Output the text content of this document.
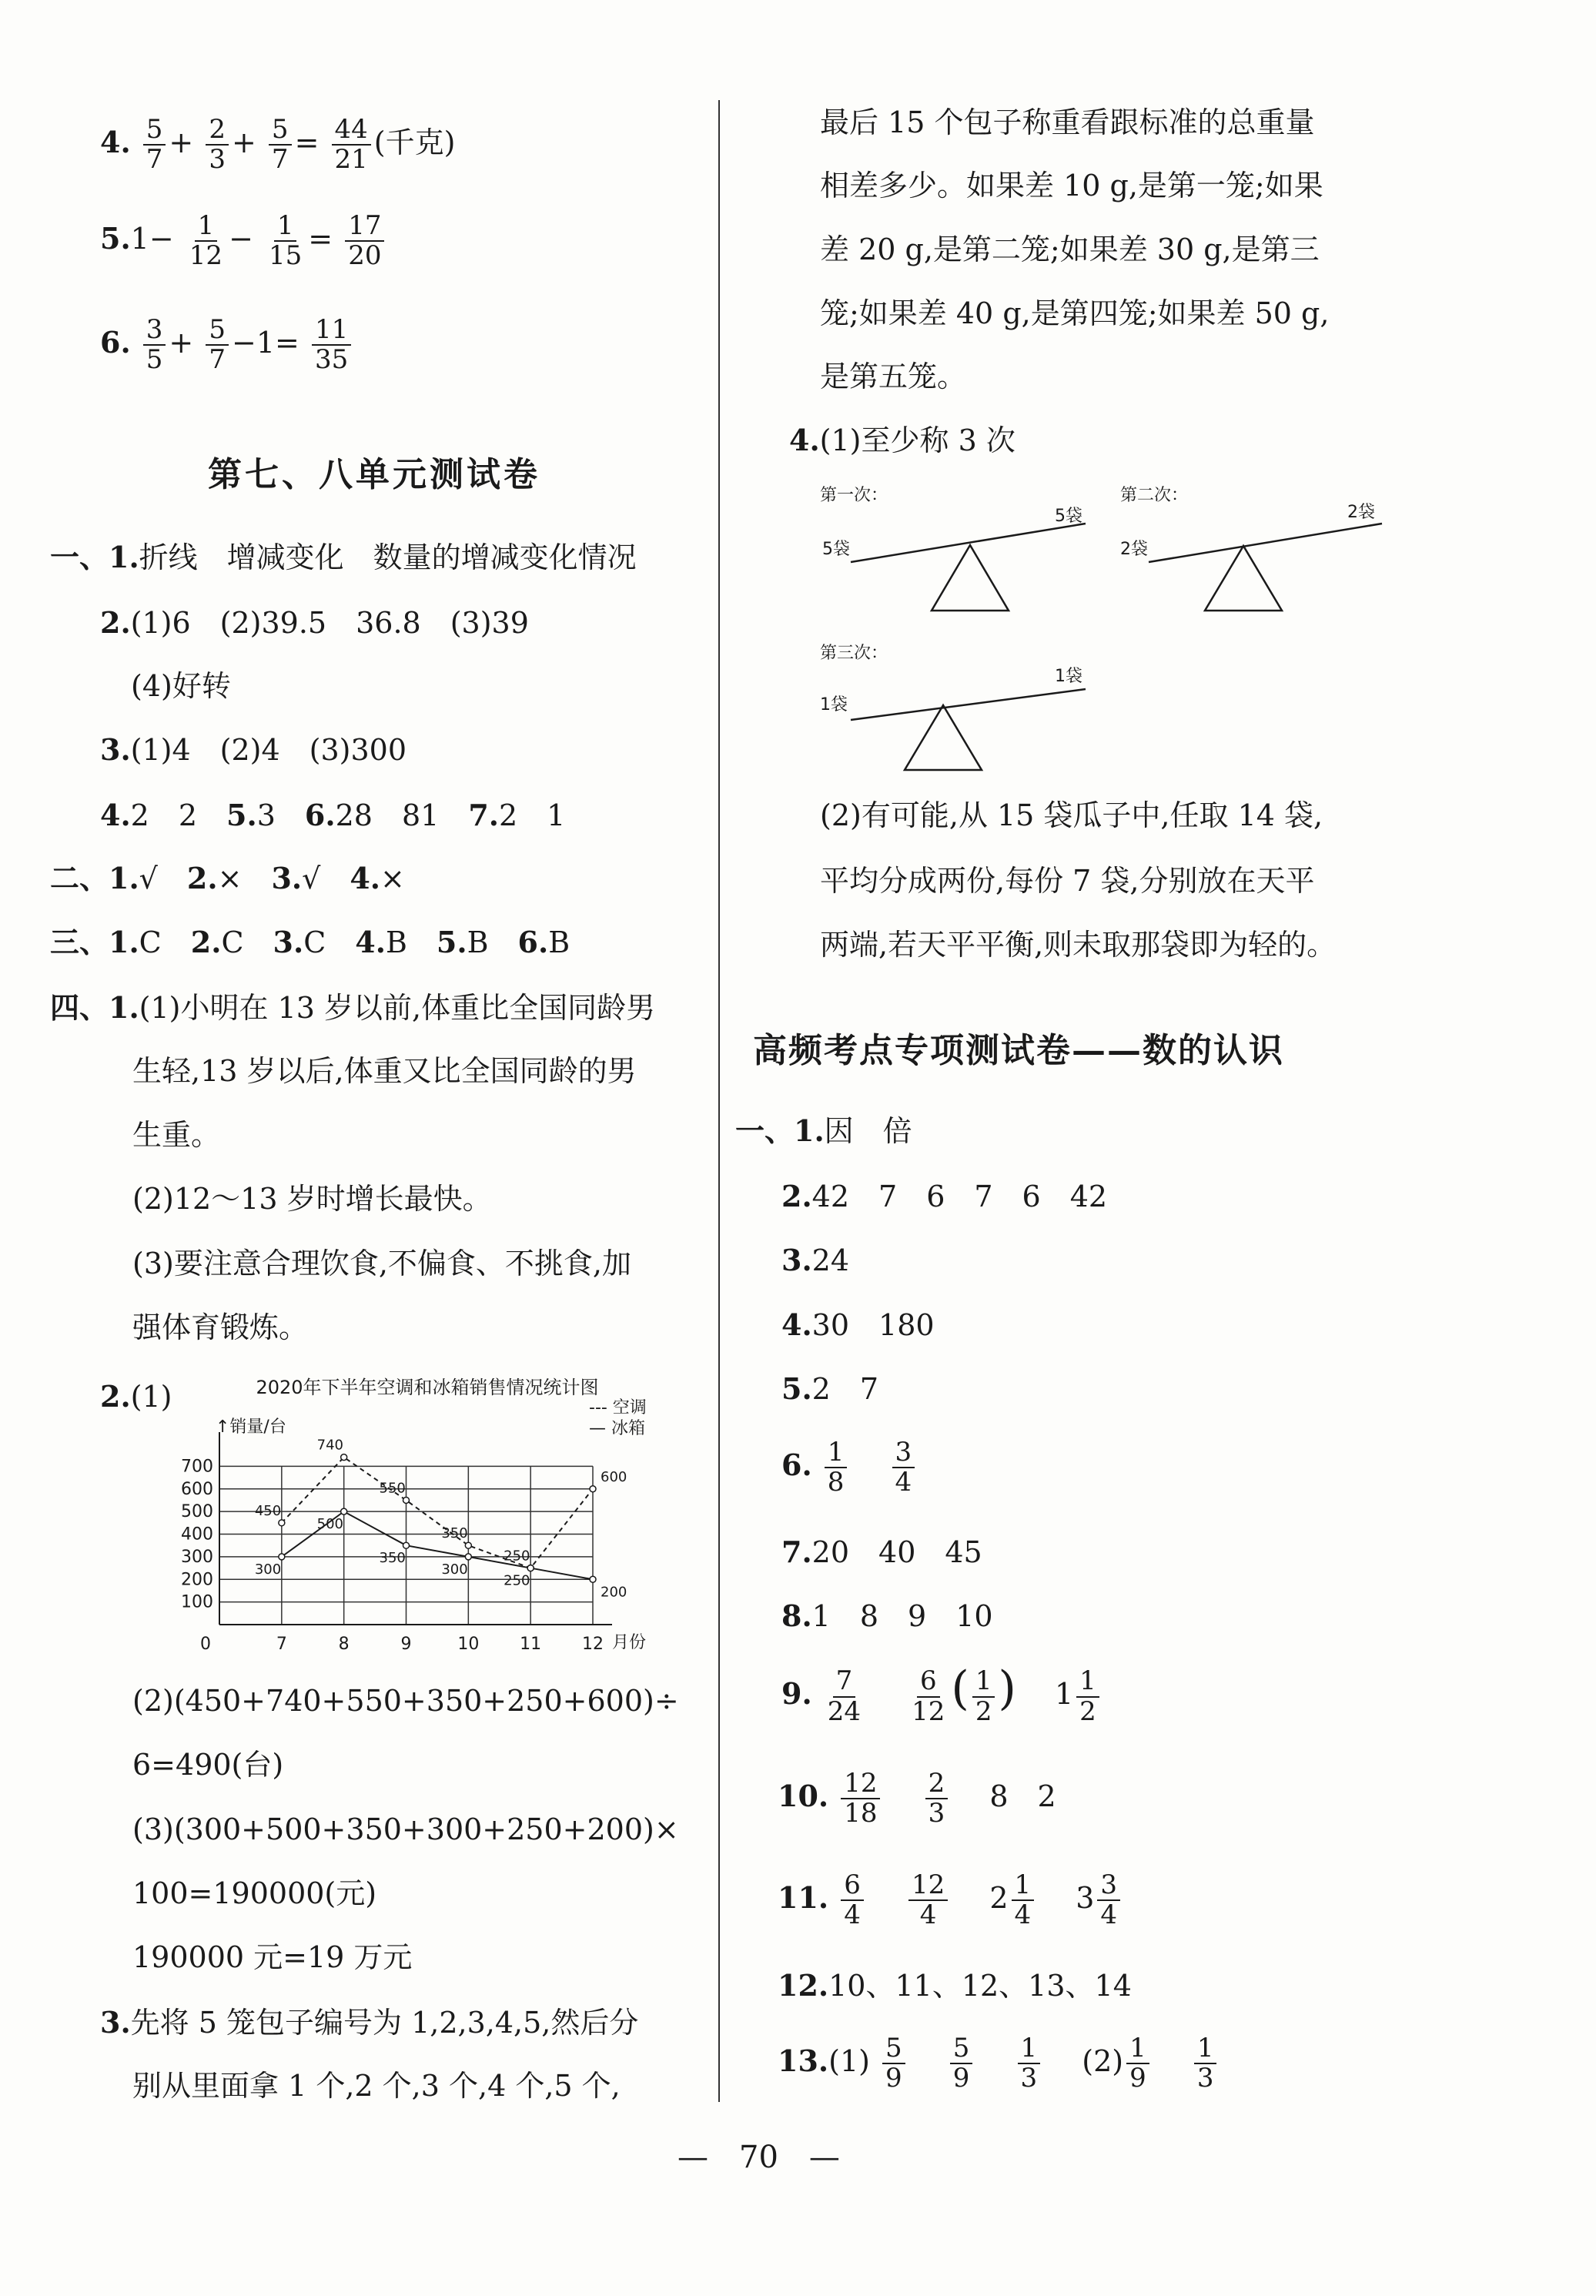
4. $\frac{5}{7} + \frac{2}{3} + \frac{5}{7} = \frac{44}{21}$ (千克)
$5.1- \frac{1}{12} - \frac{1}{15} = \frac{17}{20}$
6. $\frac{3}{5} + \frac{5}{7} -1= \frac{11}{35}$
第七、八单元测试卷
一、1.折线　增减变化　数量的增减变化情况
2.(1)6　(2)39.5　36.8　(3)39
(4)好转
3.(1)4　(2)4　(3)300
4.2　2　 5.3　 6.28　81　 7.2　1
二、1.√　 2.×　 3.√　 4.×
三、1.C　 2.C　 3.C　 4.B　 5.B　 6.B
四、1.(1)小明在 13 岁以前,体重比全国同龄男
生轻,13 岁以后,体重又比全国同龄的男
生重。
(2)12～13 岁时增长最快。
(3)要注意合理饮食,不偏食、不挑食,加
强体育锻炼。
2.(1)	2020年下半年空调和冰箱销售情况统计图
--- 空调
— 冰箱
↑销量/台
100
200
300
400
500
600
700
7	8	9	10 11 12
0	月份
450
740
550
350
250
600
300
500
350
300
250
200
(2)(450+740+550+350+250+600)÷
6=490(台)
(3)(300+500+350+300+250+200)×
100=190000(元)
190000 元=19 万元
3.先将 5 笼包子编号为 1,2,3,4,5,然后分
别从里面拿 1 个,2 个,3 个,4 个,5 个,
最后 15 个包子称重看跟标准的总重量
相差多少。如果差 10 g,是第一笼;如果
差 20 g,是第二笼;如果差 30 g,是第三
笼;如果差 40 g,是第四笼;如果差 50 g,
是第五笼。
4.(1)至少称 3 次
第一次：
5袋
5袋
第二次：
2袋
2袋
第三次：
1袋
1袋
(2)有可能,从 15 袋瓜子中,任取 14 袋,
平均分成两份,每份 7 袋,分别放在天平
两端,若天平平衡,则未取那袋即为轻的。
高频考点专项测试卷——数的认识
一、1.因　倍
2.42　7　6　7　6　42
3.24
4.30　180
5.2　7
6. $\frac{1}{8}$
　 $\frac{3}{4}$
7.20　40　45
8.1　8　9　10
9. $\frac{7}{24}$
　 $\frac{6}{12}$ ( $\frac{1}{2}$ )　 $1 \frac{1}{2}$
10. $\frac{12}{18}$
　 $\frac{2}{3}$
　 8　2
11. $\frac{6}{4}$
　 $\frac{12}{4}$
　 $2 \frac{1}{4}$
　 $3 \frac{3}{4}$
12.10、11、12、13、14
$13.(1) \frac{5}{9}$
　 $\frac{5}{9}$
　 $\frac{1}{3}$
　 $(2) \frac{1}{9}$
　 $\frac{1}{3}$
—　 70　 —
